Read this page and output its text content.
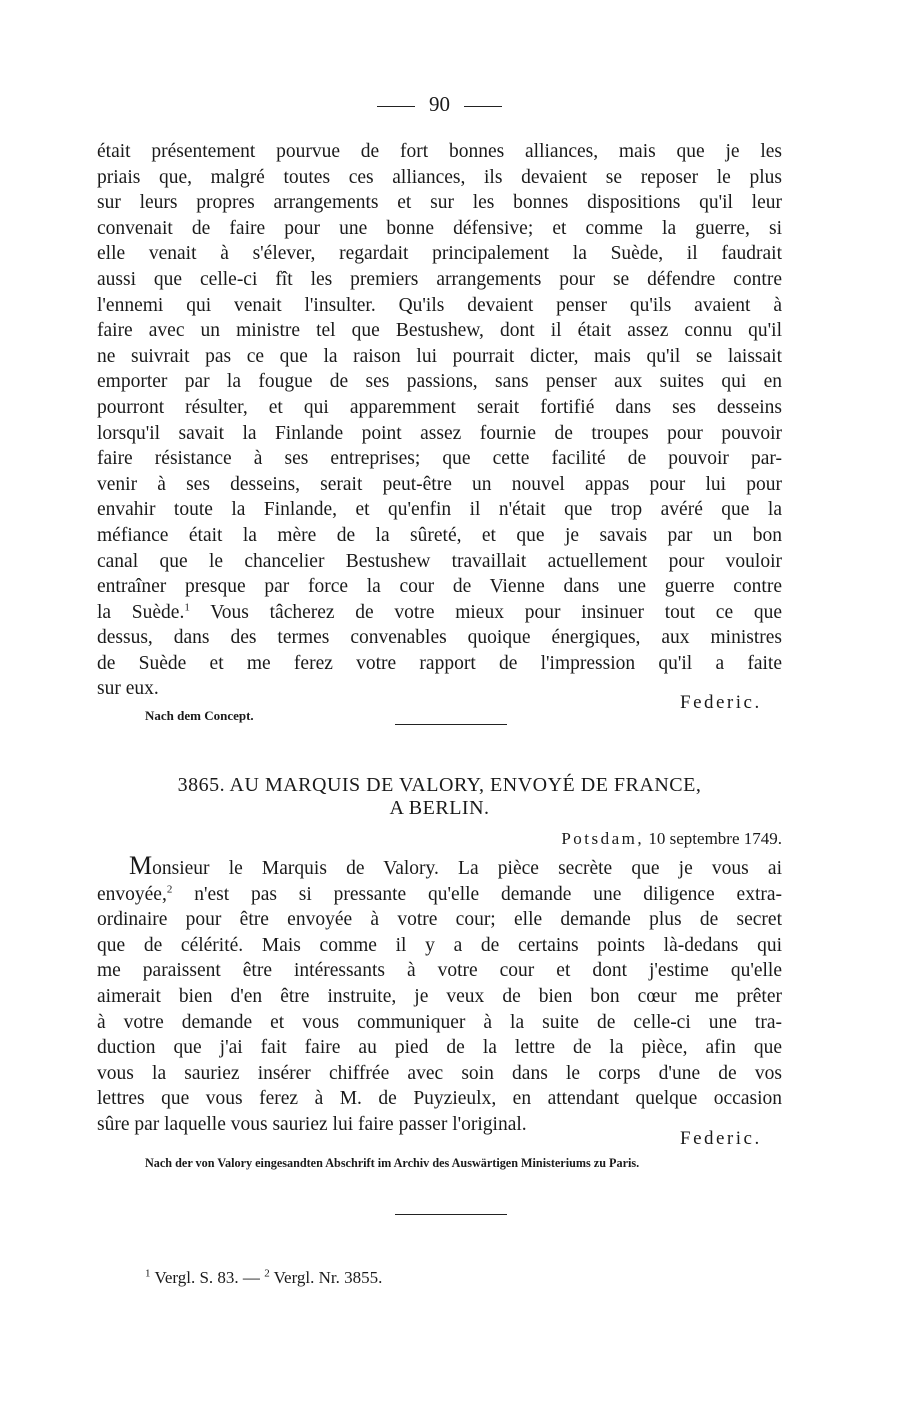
90
était présentement pourvue de fort bonnes alliances, mais que je les
priais que, malgré toutes ces alliances, ils devaient se reposer le plus
sur leurs propres arrangements et sur les bonnes dispositions qu'il leur
convenait de faire pour une bonne défensive; et comme la guerre, si
elle venait à s'élever, regardait principalement la Suède, il faudrait
aussi que celle-ci fît les premiers arrangements pour se défendre contre
l'ennemi qui venait l'insulter. Qu'ils devaient penser qu'ils avaient à
faire avec un ministre tel que Bestushew, dont il était assez connu qu'il
ne suivrait pas ce que la raison lui pourrait dicter, mais qu'il se laissait
emporter par la fougue de ses passions, sans penser aux suites qui en
pourront résulter, et qui apparemment serait fortifié dans ses desseins
lorsqu'il savait la Finlande point assez fournie de troupes pour pouvoir
faire résistance à ses entreprises; que cette facilité de pouvoir par-
venir à ses desseins, serait peut-être un nouvel appas pour lui pour
envahir toute la Finlande, et qu'enfin il n'était que trop avéré que la
méfiance était la mère de la sûreté, et que je savais par un bon
canal que le chancelier Bestushew travaillait actuellement pour vouloir
entraîner presque par force la cour de Vienne dans une guerre contre
la Suède.$^1$ Vous tâcherez de votre mieux pour insinuer tout ce que
dessus, dans des termes convenables quoique énergiques, aux ministres
de Suède et me ferez votre rapport de l'impression qu'il a faite
sur eux.
Federic.
Nach dem Concept.
3865. AU MARQUIS DE VALORY, ENVOYÉ DE FRANCE,
A BERLIN.
Potsdam, 10 septembre 1749.
Monsieur le Marquis de Valory. La pièce secrète que je vous ai
envoyée,$^2$ n'est pas si pressante qu'elle demande une diligence extra-
ordinaire pour être envoyée à votre cour; elle demande plus de secret
que de célérité. Mais comme il y a de certains points là-dedans qui
me paraissent être intéressants à votre cour et dont j'estime qu'elle
aimerait bien d'en être instruite, je veux de bien bon cœur me prêter
à votre demande et vous communiquer à la suite de celle-ci une tra-
duction que j'ai fait faire au pied de la lettre de la pièce, afin que
vous la sauriez insérer chiffrée avec soin dans le corps d'une de vos
lettres que vous ferez à M. de Puyzieulx, en attendant quelque occasion
sûre par laquelle vous sauriez lui faire passer l'original.
Federic.
Nach der von Valory eingesandten Abschrift im Archiv des Auswärtigen Ministeriums zu Paris.
$^1$ Vergl. S. 83. — $^2$ Vergl. Nr. 3855.
